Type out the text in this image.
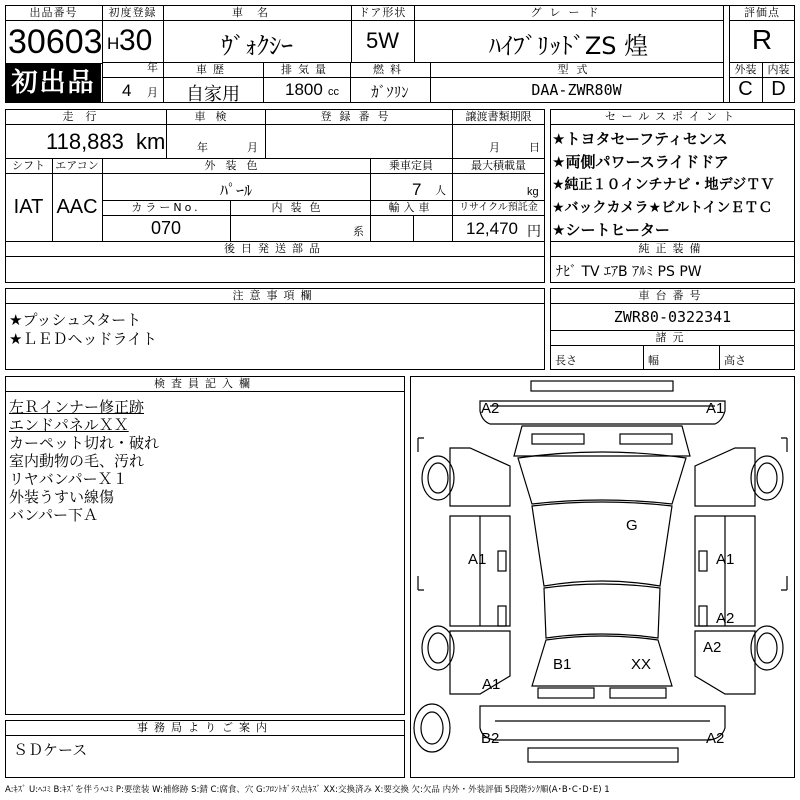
出品番号
30603
初出品
初度登録
H 30
年
4 月
車名
ｳﾞｫｸｼｰ
ドア形状
5W
グレード
ﾊｲﾌﾞﾘｯﾄﾞZS 煌
評価点
R
車歴
自家用
排気量
1800 cc
燃料
ｶﾞｿﾘﾝ
型式
DAA-ZWR80W
外装	内装
C D
走行
118,883 km
車検
年	月
登録番号	譲渡書類期限
月	日
シフト
IAT
エアコン
AAC
外装色
ﾊﾟｰﾙ
乗車定員
7 人
最大積載量
kg
カラーNo.
070
内装色
系
輸入車	リサイクル預託金
12,470 円
後日発送部品
セールスポイント
★トヨタセーフティセンス
★両側パワースライドドア
★純正１０インチナビ・地デジＴＶ
★バックカメラ★ビルトインＥＴＣ
★シートヒーター
純正装備
ﾅﾋﾞ TV ｴｱB ｱﾙﾐ PS PW
注意事項欄
★プッシュスタート
★ＬＥＤヘッドライト
車台番号
ZWR80-0322341
諸元
長さ	幅	高さ
検査員記入欄
左Ｒインナー修正跡
エンドパネルＸＸ
カーペット切れ・破れ
室内動物の毛、汚れ
リヤバンパーＸ１
外装うすい線傷
バンパー下Ａ
事務局よりご案内
ＳＤケース
A2	A1
G
A1	A1
A2
A2
B1	XX
A1
B2	A2
A:ｷｽﾞ U:ﾍｺﾐ B:ｷｽﾞを伴うﾍｺﾐ P:要塗装 W:補修跡 S:錆 C:腐食、穴 G:ﾌﾛﾝﾄｶﾞﾗｽ点ｷｽﾞ XX:交換済み X:要交換 欠:欠品 内外・外装評価 5段階ﾗﾝｸ順(A･B･C･D･E) 1
